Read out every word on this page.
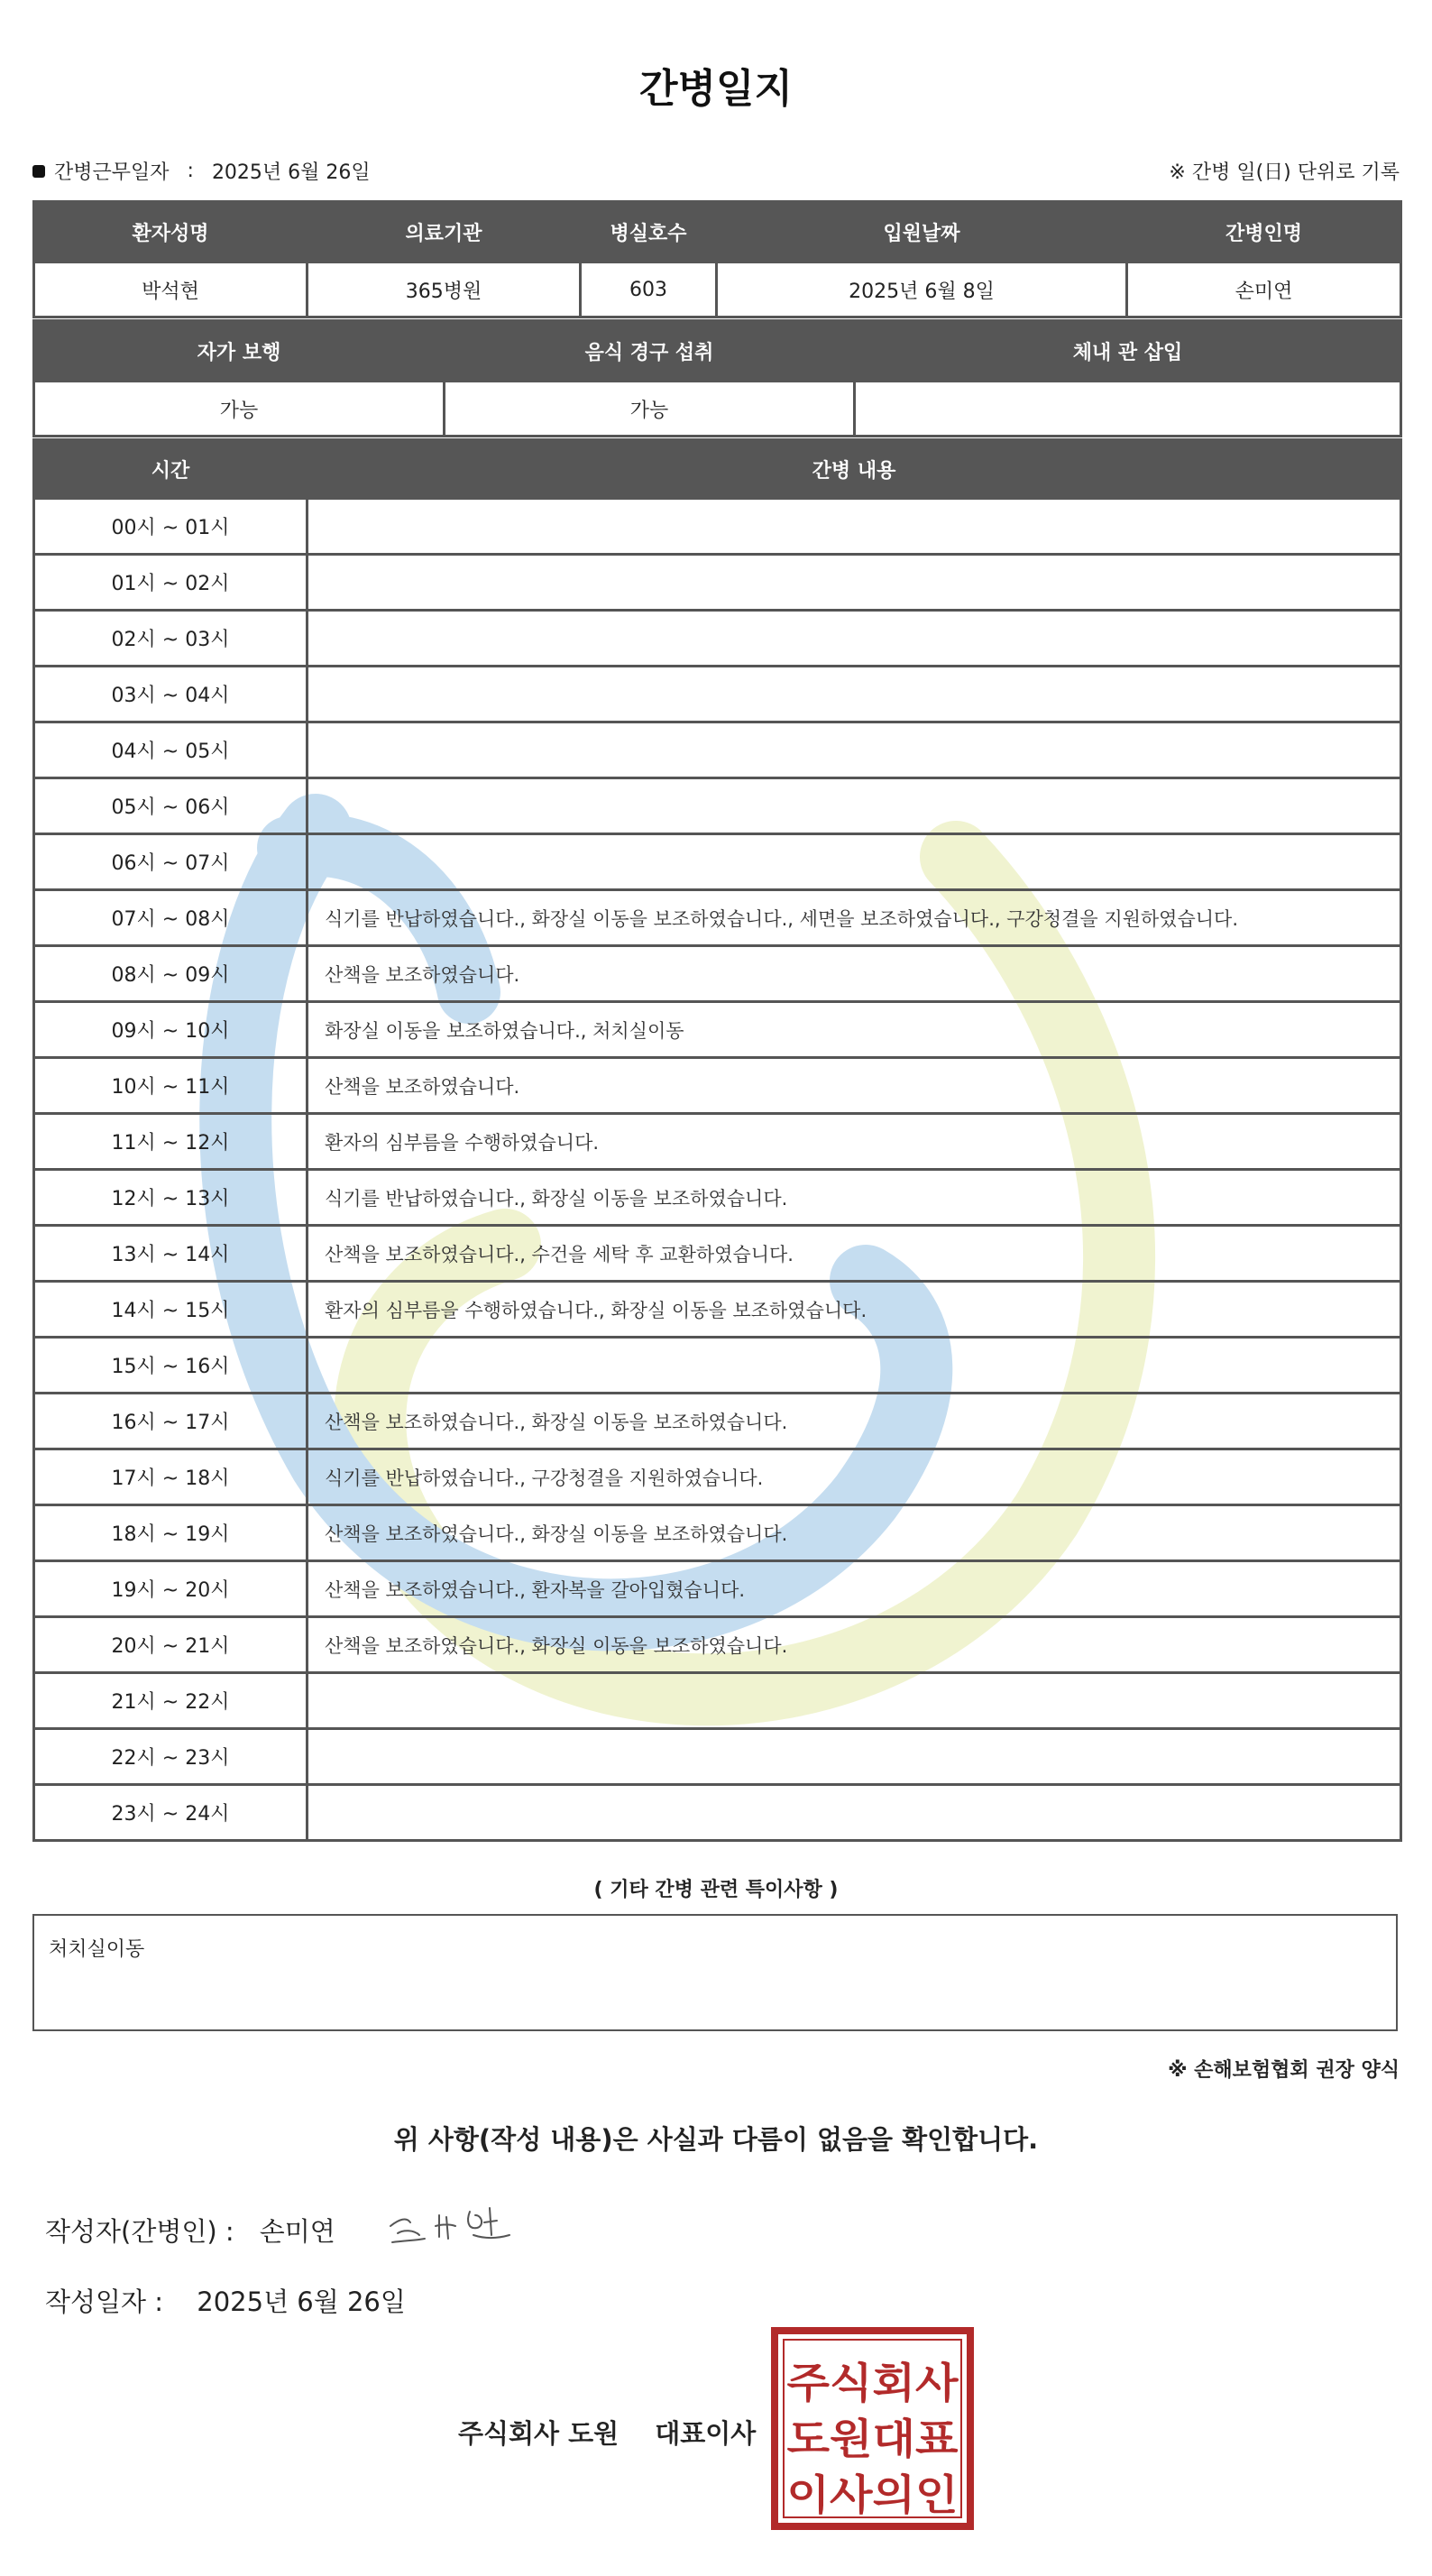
간병일지
간병근무일자 : 2025년 6월 26일	※ 간병 일(日) 단위로 기록
환자성명	의료기관	병실호수	입원날짜	간병인명
박석현	365병원	603	2025년 6월 8일	손미연
자가 보행	음식 경구 섭취	체내 관 삽입
가능	가능	
시간	간병 내용
00시 ~ 01시	
01시 ~ 02시	
02시 ~ 03시	
03시 ~ 04시	
04시 ~ 05시	
05시 ~ 06시	
06시 ~ 07시	
07시 ~ 08시	식기를 반납하였습니다., 화장실 이동을 보조하였습니다., 세면을 보조하였습니다., 구강청결을 지원하였습니다.
08시 ~ 09시	산책을 보조하였습니다.
09시 ~ 10시	화장실 이동을 보조하였습니다., 처치실이동
10시 ~ 11시	산책을 보조하였습니다.
11시 ~ 12시	환자의 심부름을 수행하였습니다.
12시 ~ 13시	식기를 반납하였습니다., 화장실 이동을 보조하였습니다.
13시 ~ 14시	산책을 보조하였습니다., 수건을 세탁 후 교환하였습니다.
14시 ~ 15시	환자의 심부름을 수행하였습니다., 화장실 이동을 보조하였습니다.
15시 ~ 16시	
16시 ~ 17시	산책을 보조하였습니다., 화장실 이동을 보조하였습니다.
17시 ~ 18시	식기를 반납하였습니다., 구강청결을 지원하였습니다.
18시 ~ 19시	산책을 보조하였습니다., 화장실 이동을 보조하였습니다.
19시 ~ 20시	산책을 보조하였습니다., 환자복을 갈아입혔습니다.
20시 ~ 21시	산책을 보조하였습니다., 화장실 이동을 보조하였습니다.
21시 ~ 22시	
22시 ~ 23시	
23시 ~ 24시	
( 기타 간병 관련 특이사항 )
처치실이동
※ 손해보험협회 권장 양식
위 사항(작성 내용)은 사실과 다름이 없음을 확인합니다.
작성자(간병인) : 손미연
작성일자 : 2025년 6월 26일
주식회사 도원 대표이사
주식회사
도원대표
이사의인
